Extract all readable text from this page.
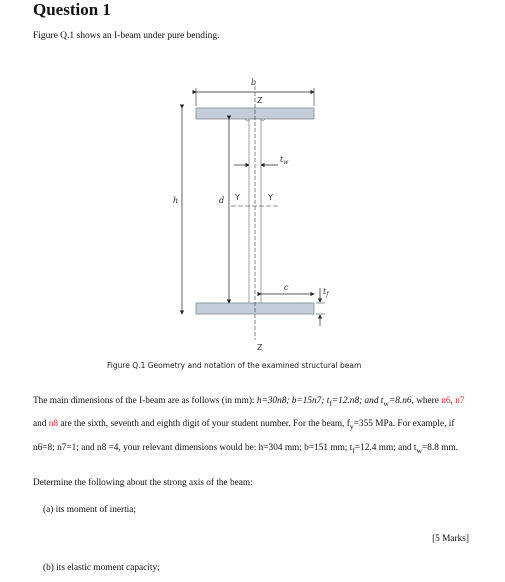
Question 1
Figure Q.1 shows an I-beam under pure bending.
b
Z
Z
h	d Y	Y
$t_w$
c	$t_f$
Figure Q.1 Geometry and notation of the examined structural beam

The main dimensions of the I-beam are as follows (in mm): h=30n8; b=15n7; $t_f=12.n8$; and $t_w=8.n6$, where n6, n7 and n8 are the sixth, seventh and eighth digit of your student number. For the beam, $f_y=355$ MPa. For example, if n6=8; n7=1; and n8 =4, your relevant dimensions would be: h=304 mm; b=151 mm; $t_f=12.4$ mm; and $t_w=8.8$ mm.

Determine the following about the strong axis of the beam:
(a) its moment of inertia;
[5 Marks]
(b) its elastic moment capacity;
